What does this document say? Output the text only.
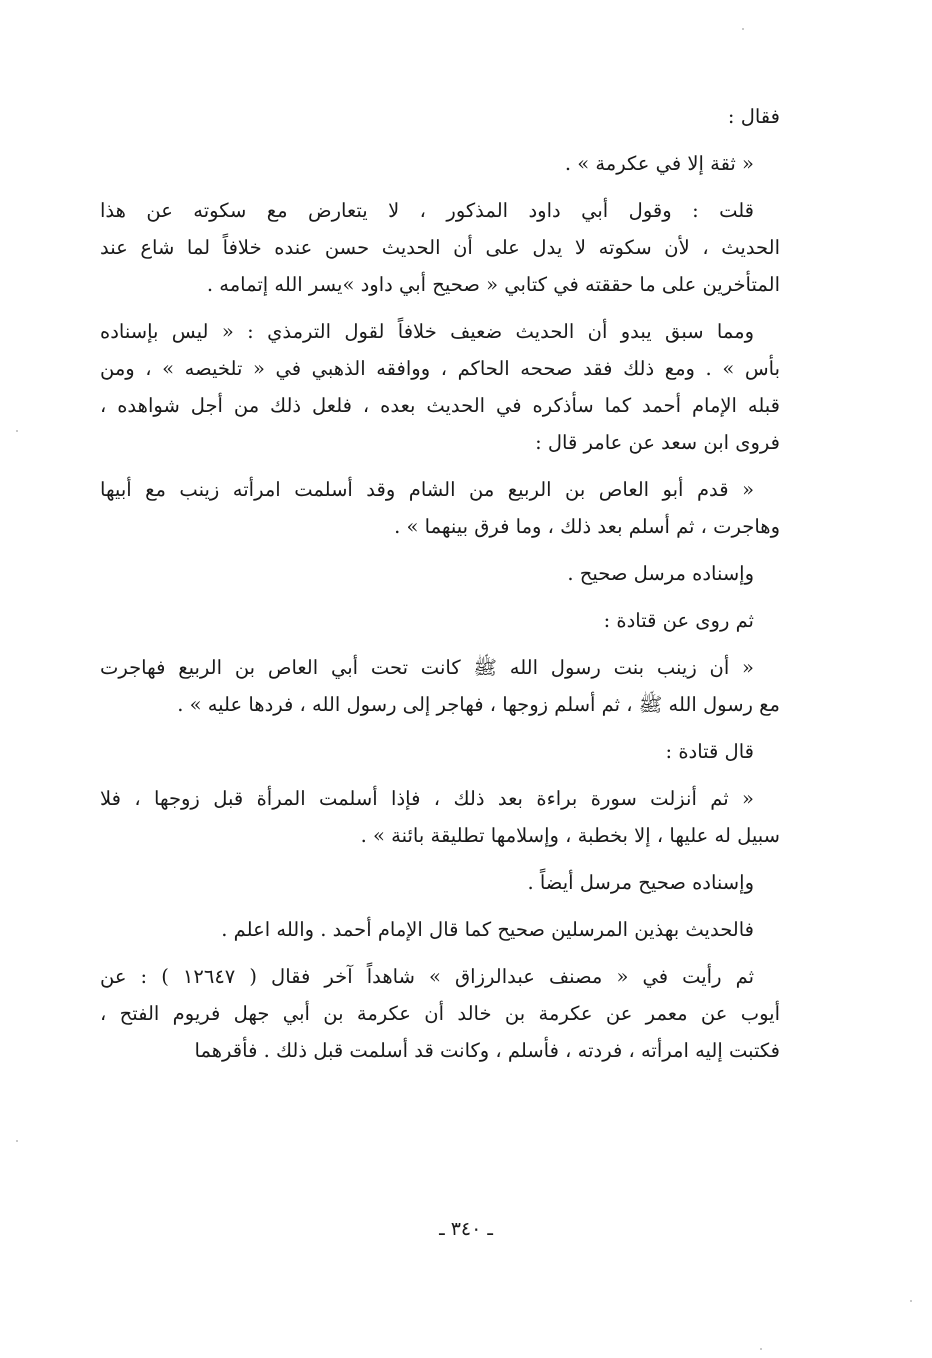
فقال :
« ثقة إلا في عكرمة » .
قلت : وقول أبي داود المذكور ، لا يتعارض مع سكوته عن هذا
الحديث ، لأن سكوته لا يدل على أن الحديث حسن عنده خلافاً لما شاع عند
المتأخرين على ما حققته في كتابي « صحيح أبي داود »يسر الله إتمامه .
ومما سبق يبدو أن الحديث ضعيف خلافاً لقول الترمذي : « ليس بإسناده
بأس » . ومع ذلك فقد صححه الحاكم ، ووافقه الذهبي في « تلخيصه » ، ومن
قبله الإمام أحمد كما سأذكره في الحديث بعده ، فلعل ذلك من أجل شواهده ،
فروى ابن سعد عن عامر قال :
« قدم أبو العاص بن الربيع من الشام وقد أسلمت امرأته زينب مع أبيها
وهاجرت ، ثم أسلم بعد ذلك ، وما فرق بينهما » .
وإسناده مرسل صحيح .
ثم روى عن قتادة :
« أن زينب بنت رسول الله ﷺ كانت تحت أبي العاص بن الربيع فهاجرت
مع رسول الله ﷺ ، ثم أسلم زوجها ، فهاجر إلى رسول الله ، فردها عليه » .
قال قتادة :
« ثم أنزلت سورة براءة بعد ذلك ، فإذا أسلمت المرأة قبل زوجها ، فلا
سبيل له عليها ، إلا بخطبة ، وإسلامها تطليقة بائنة » .
وإسناده صحيح مرسل أيضاً .
فالحديث بهذين المرسلين صحيح كما قال الإمام أحمد . والله اعلم .
ثم رأيت في « مصنف عبدالرزاق » شاهداً آخر فقال ( ١٢٦٤٧ ) : عن
أيوب عن معمر عن عكرمة بن خالد أن عكرمة بن أبي جهل فريوم الفتح ،
فكتبت إليه امرأته ، فردته ، فأسلم ، وكانت قد أسلمت قبل ذلك . فأقرهما
ـ ٣٤٠ ـ
